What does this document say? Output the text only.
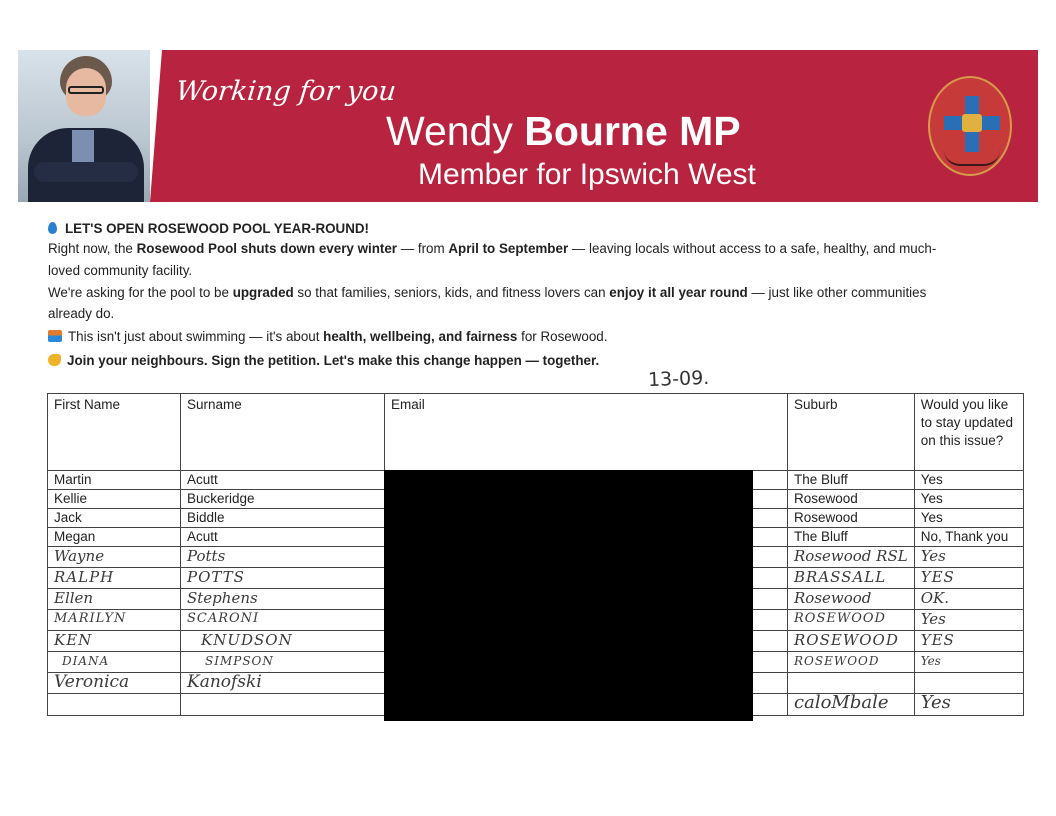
Working for you
Wendy Bourne MP
Member for Ipswich West
LET'S OPEN ROSEWOOD POOL YEAR-ROUND!
Right now, the Rosewood Pool shuts down every winter — from April to September — leaving locals without access to a safe, healthy, and much-
loved community facility.
We're asking for the pool to be upgraded so that families, seniors, kids, and fitness lovers can enjoy it all year round — just like other communities
already do.
This isn't just about swimming — it's about health, wellbeing, and fairness for Rosewood.
Join your neighbours. Sign the petition. Let's make this change happen — together.
13-09.
First Name	Surname	Email	Suburb	Would you like to stay updated on this issue?
Martin	Acutt		The Bluff	Yes
Kellie	Buckeridge		Rosewood	Yes
Jack	Biddle		Rosewood	Yes
Megan	Acutt		The Bluff	No, Thank you
Wayne	Potts		Rosewood RSL	Yes
RALPH	POTTS		BRASSALL	YES
Ellen	Stephens		Rosewood	OK.
MARILYN	SCARONI		ROSEWOOD	Yes
KEN	KNUDSON		ROSEWOOD	YES
DIANA	SIMPSON		ROSEWOOD	Yes
Veronica	Kanofski			
			caloMbale	Yes
